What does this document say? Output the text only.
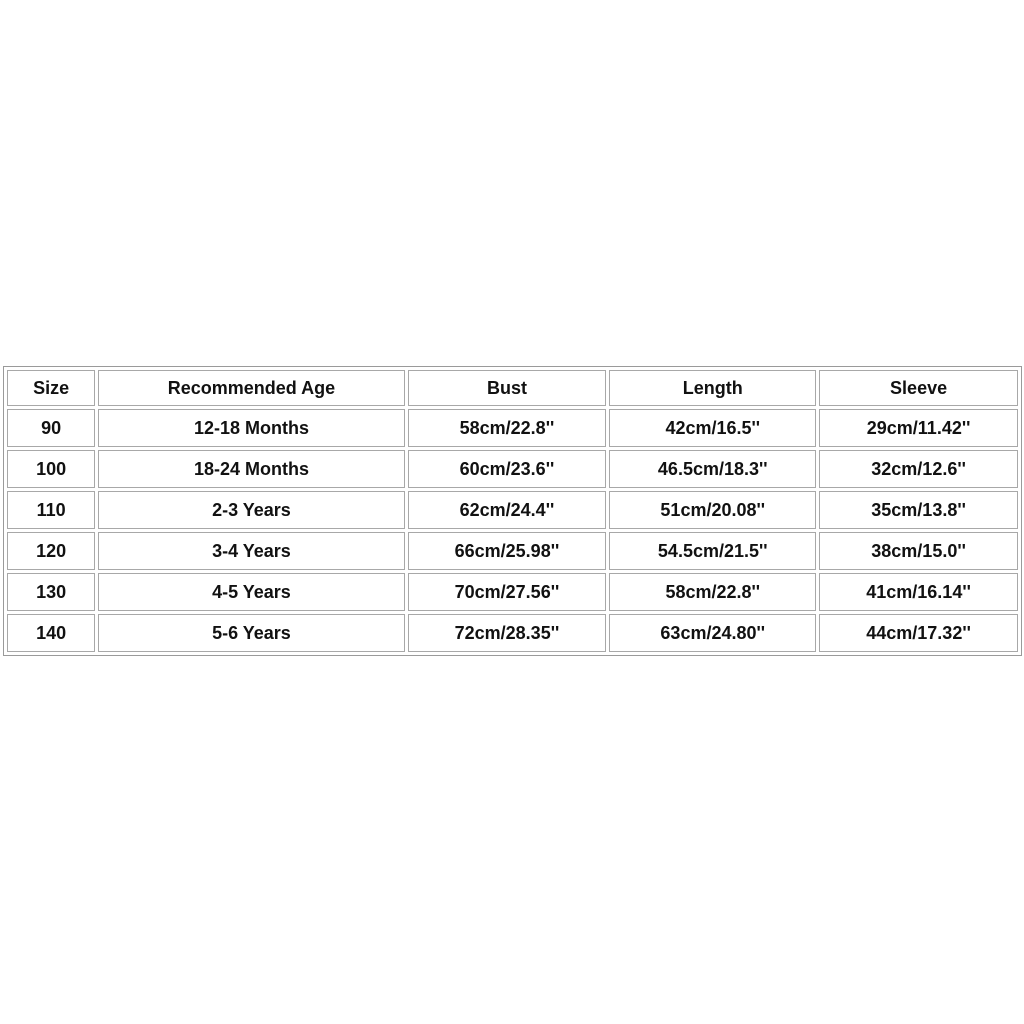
Size	Recommended Age	Bust	Length	Sleeve
90	12-18 Months	58cm/22.8''	42cm/16.5''	29cm/11.42''
100	18-24 Months	60cm/23.6''	46.5cm/18.3''	32cm/12.6''
110	2-3 Years	62cm/24.4''	51cm/20.08''	35cm/13.8''
120	3-4 Years	66cm/25.98''	54.5cm/21.5''	38cm/15.0''
130	4-5 Years	70cm/27.56''	58cm/22.8''	41cm/16.14''
140	5-6 Years	72cm/28.35''	63cm/24.80''	44cm/17.32''
